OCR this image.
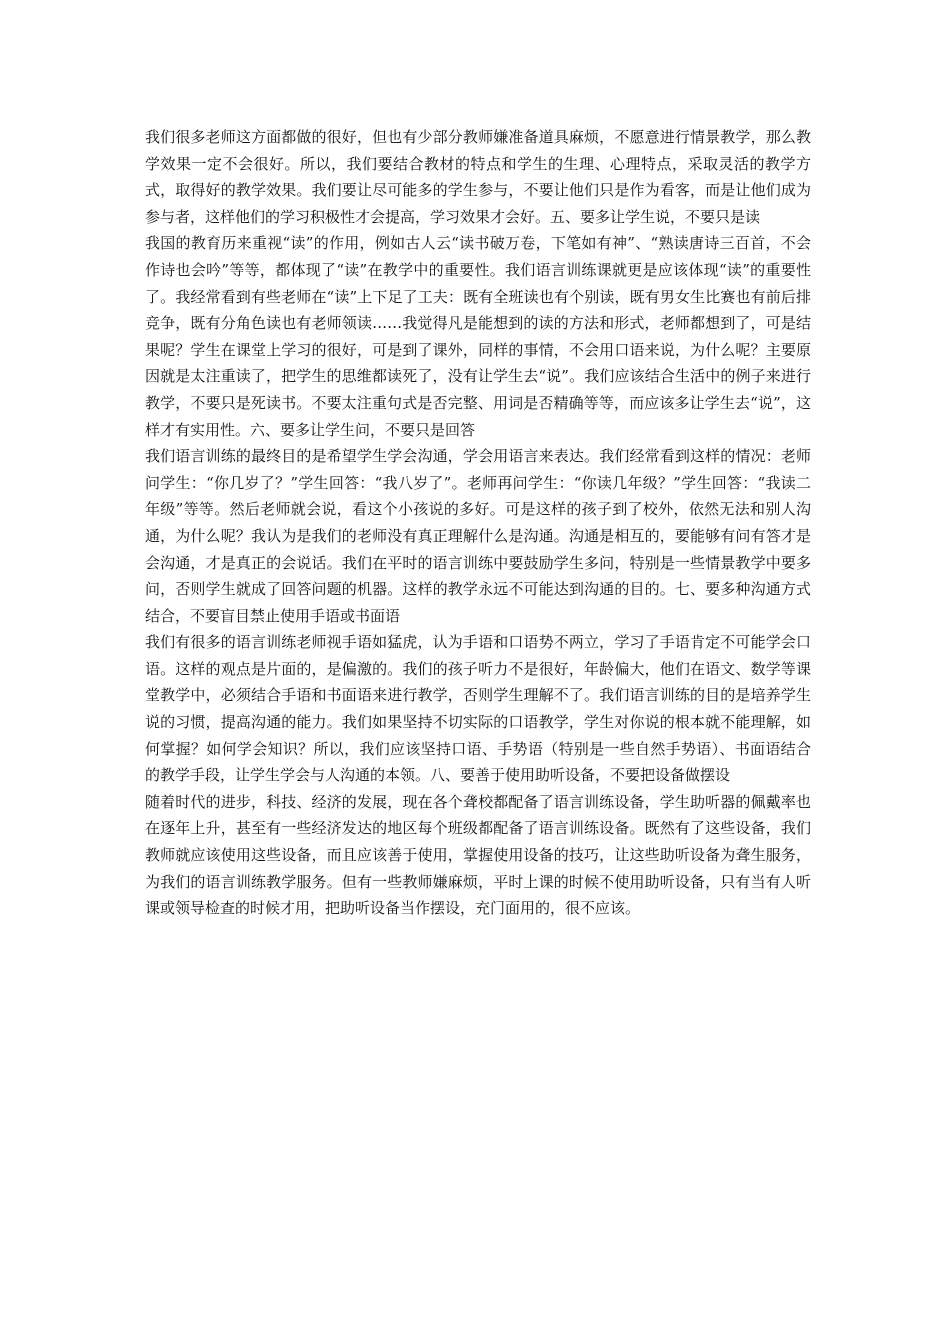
我们很多老师这方面都做的很好，但也有少部分教师嫌准备道具麻烦，不愿意进行情景教学，那么教学效果一定不会很好。所以，我们要结合教材的特点和学生的生理、心理特点，采取灵活的教学方式，取得好的教学效果。我们要让尽可能多的学生参与，不要让他们只是作为看客，而是让他们成为参与者，这样他们的学习积极性才会提高，学习效果才会好。五、要多让学生说，不要只是读

我国的教育历来重视“读”的作用，例如古人云“读书破万卷，下笔如有神”、“熟读唐诗三百首，不会作诗也会吟”等等，都体现了“读”在教学中的重要性。我们语言训练课就更是应该体现“读”的重要性了。我经常看到有些老师在“读”上下足了工夫：既有全班读也有个别读，既有男女生比赛也有前后排竞争，既有分角色读也有老师领读……我觉得凡是能想到的读的方法和形式，老师都想到了，可是结果呢？学生在课堂上学习的很好，可是到了课外，同样的事情，不会用口语来说，为什么呢？主要原因就是太注重读了，把学生的思维都读死了，没有让学生去“说”。我们应该结合生活中的例子来进行教学，不要只是死读书。不要太注重句式是否完整、用词是否精确等等，而应该多让学生去“说”，这样才有实用性。六、要多让学生问，不要只是回答

我们语言训练的最终目的是希望学生学会沟通，学会用语言来表达。我们经常看到这样的情况：老师问学生：“你几岁了？”学生回答：“我八岁了”。老师再问学生：“你读几年级？”学生回答：“我读二年级”等等。然后老师就会说，看这个小孩说的多好。可是这样的孩子到了校外，依然无法和别人沟通，为什么呢？我认为是我们的老师没有真正理解什么是沟通。沟通是相互的，要能够有问有答才是会沟通，才是真正的会说话。我们在平时的语言训练中要鼓励学生多问，特别是一些情景教学中要多问，否则学生就成了回答问题的机器。这样的教学永远不可能达到沟通的目的。七、要多种沟通方式结合，不要盲目禁止使用手语或书面语

我们有很多的语言训练老师视手语如猛虎，认为手语和口语势不两立，学习了手语肯定不可能学会口语。这样的观点是片面的，是偏激的。我们的孩子听力不是很好，年龄偏大，他们在语文、数学等课堂教学中，必须结合手语和书面语来进行教学，否则学生理解不了。我们语言训练的目的是培养学生说的习惯，提高沟通的能力。我们如果坚持不切实际的口语教学，学生对你说的根本就不能理解，如何掌握？如何学会知识？所以，我们应该坚持口语、手势语（特别是一些自然手势语）、书面语结合的教学手段，让学生学会与人沟通的本领。八、要善于使用助听设备，不要把设备做摆设

随着时代的进步，科技、经济的发展，现在各个聋校都配备了语言训练设备，学生助听器的佩戴率也在逐年上升，甚至有一些经济发达的地区每个班级都配备了语言训练设备。既然有了这些设备，我们教师就应该使用这些设备，而且应该善于使用，掌握使用设备的技巧，让这些助听设备为聋生服务，为我们的语言训练教学服务。但有一些教师嫌麻烦，平时上课的时候不使用助听设备，只有当有人听课或领导检查的时候才用，把助听设备当作摆设，充门面用的，很不应该。
